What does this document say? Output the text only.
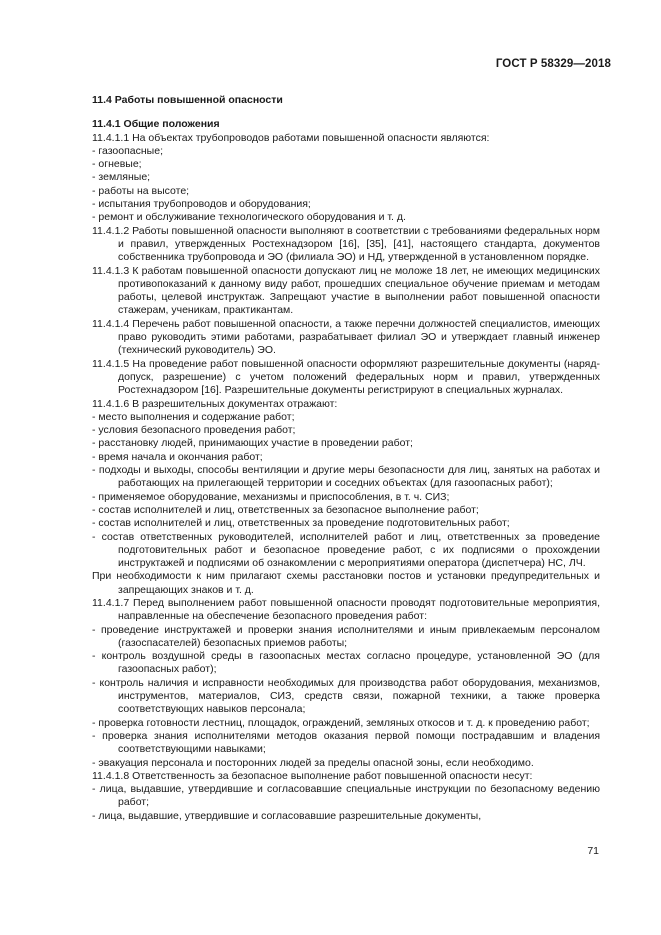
ГОСТ Р 58329—2018

11.4 Работы повышенной опасности

11.4.1 Общие положения

11.4.1.1 На объектах трубопроводов работами повышенной опасности являются:

- газоопасные;

- огневые;

- земляные;

- работы на высоте;

- испытания трубопроводов и оборудования;

- ремонт и обслуживание технологического оборудования и т. д.

11.4.1.2 Работы повышенной опасности выполняют в соответствии с требованиями федеральных норм и правил, утвержденных Ростехнадзором [16], [35], [41], настоящего стандарта, документов собственника трубопровода и ЭО (филиала ЭО) и НД, утвержденной в установленном порядке.

11.4.1.3 К работам повышенной опасности допускают лиц не моложе 18 лет, не имеющих медицинских противопоказаний к данному виду работ, прошедших специальное обучение приемам и методам работы, целевой инструктаж. Запрещают участие в выполнении работ повышенной опасности стажерам, ученикам, практикантам.

11.4.1.4 Перечень работ повышенной опасности, а также перечни должностей специалистов, имеющих право руководить этими работами, разрабатывает филиал ЭО и утверждает главный инженер (технический руководитель) ЭО.

11.4.1.5 На проведение работ повышенной опасности оформляют разрешительные документы (наряд-допуск, разрешение) с учетом положений федеральных норм и правил, утвержденных Ростехнадзором [16]. Разрешительные документы регистрируют в специальных журналах.

11.4.1.6 В разрешительных документах отражают:

- место выполнения и содержание работ;

- условия безопасного проведения работ;

- расстановку людей, принимающих участие в проведении работ;

- время начала и окончания работ;

- подходы и выходы, способы вентиляции и другие меры безопасности для лиц, занятых на работах и работающих на прилегающей территории и соседних объектах (для газоопасных работ);

- применяемое оборудование, механизмы и приспособления, в т. ч. СИЗ;

- состав исполнителей и лиц, ответственных за безопасное выполнение работ;

- состав исполнителей и лиц, ответственных за проведение подготовительных работ;

- состав ответственных руководителей, исполнителей работ и лиц, ответственных за проведение подготовительных работ и безопасное проведение работ, с их подписями о прохождении инструктажей и подписями об ознакомлении с мероприятиями оператора (диспетчера) НС, ЛЧ.

При необходимости к ним прилагают схемы расстановки постов и установки предупредительных и запрещающих знаков и т. д.

11.4.1.7 Перед выполнением работ повышенной опасности проводят подготовительные мероприятия, направленные на обеспечение безопасного проведения работ:

- проведение инструктажей и проверки знания исполнителями и иным привлекаемым персоналом (газоспасателей) безопасных приемов работы;

- контроль воздушной среды в газоопасных местах согласно процедуре, установленной ЭО (для газоопасных работ);

- контроль наличия и исправности необходимых для производства работ оборудования, механизмов, инструментов, материалов, СИЗ, средств связи, пожарной техники, а также проверка соответствующих навыков персонала;

- проверка готовности лестниц, площадок, ограждений, земляных откосов и т. д. к проведению работ;

- проверка знания исполнителями методов оказания первой помощи пострадавшим и владения соответствующими навыками;

- эвакуация персонала и посторонних людей за пределы опасной зоны, если необходимо.

11.4.1.8 Ответственность за безопасное выполнение работ повышенной опасности несут:

- лица, выдавшие, утвердившие и согласовавшие специальные инструкции по безопасному ведению работ;

- лица, выдавшие, утвердившие и согласовавшие разрешительные документы,

71
